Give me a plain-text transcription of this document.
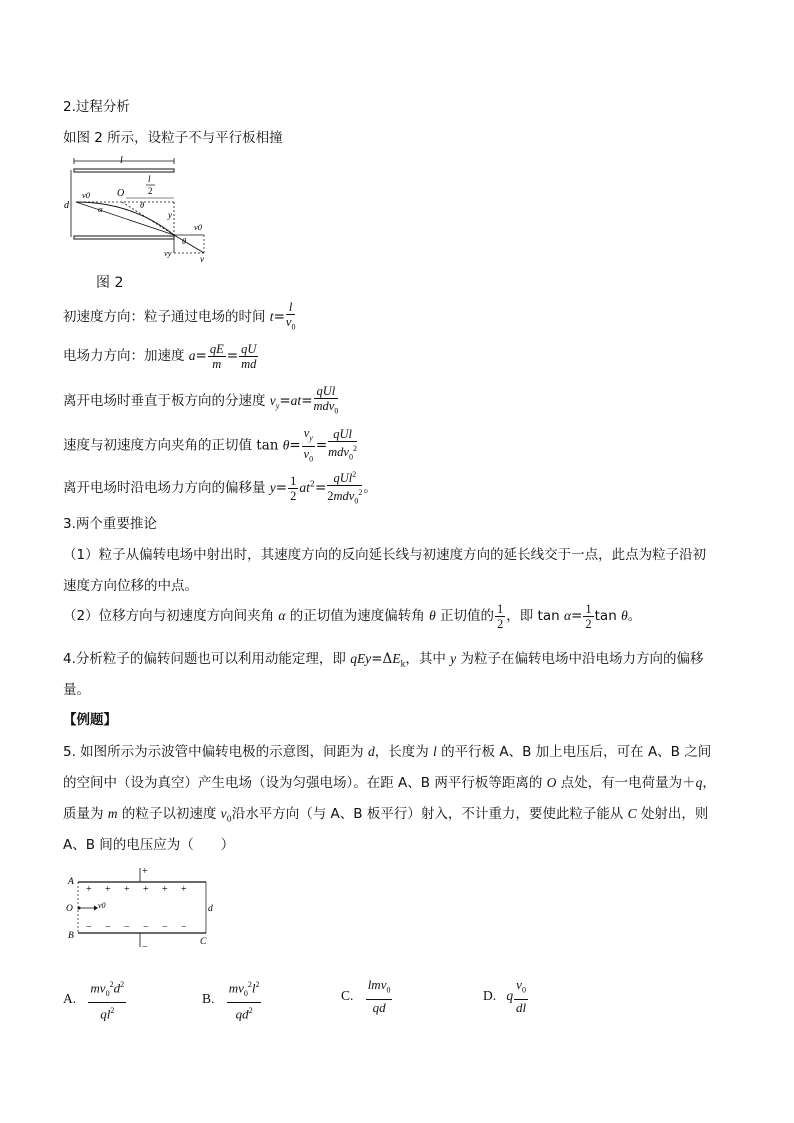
2.过程分析
如图 2 所示，设粒子不与平行板相撞
l
d
v0	O
l
2
α	θ
y
v0
θ
vy
v
图 2
初速度方向：粒子通过电场的时间 $t= \frac{l}{v_0}$
电场力方向：加速度 $a= \frac{qE}{m} = \frac{qU}{md}$
离开电场时垂直于板方向的分速度 $v_y=at= \frac{\text{qUl}}{mdv_0}$
速度与初速度方向夹角的正切值 $\tan \theta= \frac{v_y}{v_0} = \frac{\text{qUl}}{mdv_0^2}$
离开电场时沿电场力方向的偏移量 $y= \frac{1}{2} at^2= \frac{qUl^2}{2mdv_0^2}$ 。
3.两个重要推论
（1）粒子从偏转电场中射出时，其速度方向的反向延长线与初速度方向的延长线交于一点，此点为粒子沿初
速度方向位移的中点。
（2）位移方向与初速度方向间夹角 α 的正切值为速度偏转角 θ 正切值的 $\frac{1}{2}$ ，即 $\tan \alpha= \frac{1}{2}$ tan θ。
4.分析粒子的偏转问题也可以利用动能定理，即 $qEy=\Delta E_k$，其中 y 为粒子在偏转电场中沿电场力方向的偏移
量。
【例题】
5. 如图所示为示波管中偏转电极的示意图，间距为 d，长度为 l 的平行板 A、B 加上电压后，可在 A、B 之间
的空间中（设为真空）产生电场（设为匀强电场）。在距 A、B 两平行板等距离的 O 点处，有一电荷量为＋q，
质量为 m 的粒子以初速度 $v_0$沿水平方向（与 A、B 板平行）射入，不计重力，要使此粒子能从 C 处射出，则
A、B 间的电压应为（　　）
+
−
+ + + + + +
− − − − − −
A
B
C
O	d
v0
A. $\frac{mv_0^2d^2}{ql^2}$	B. $\frac{mv_0^2l^2}{qd^2}$	C. $\frac{lmv_0}{qd}$	D. q $\frac{v_0}{dl}$
